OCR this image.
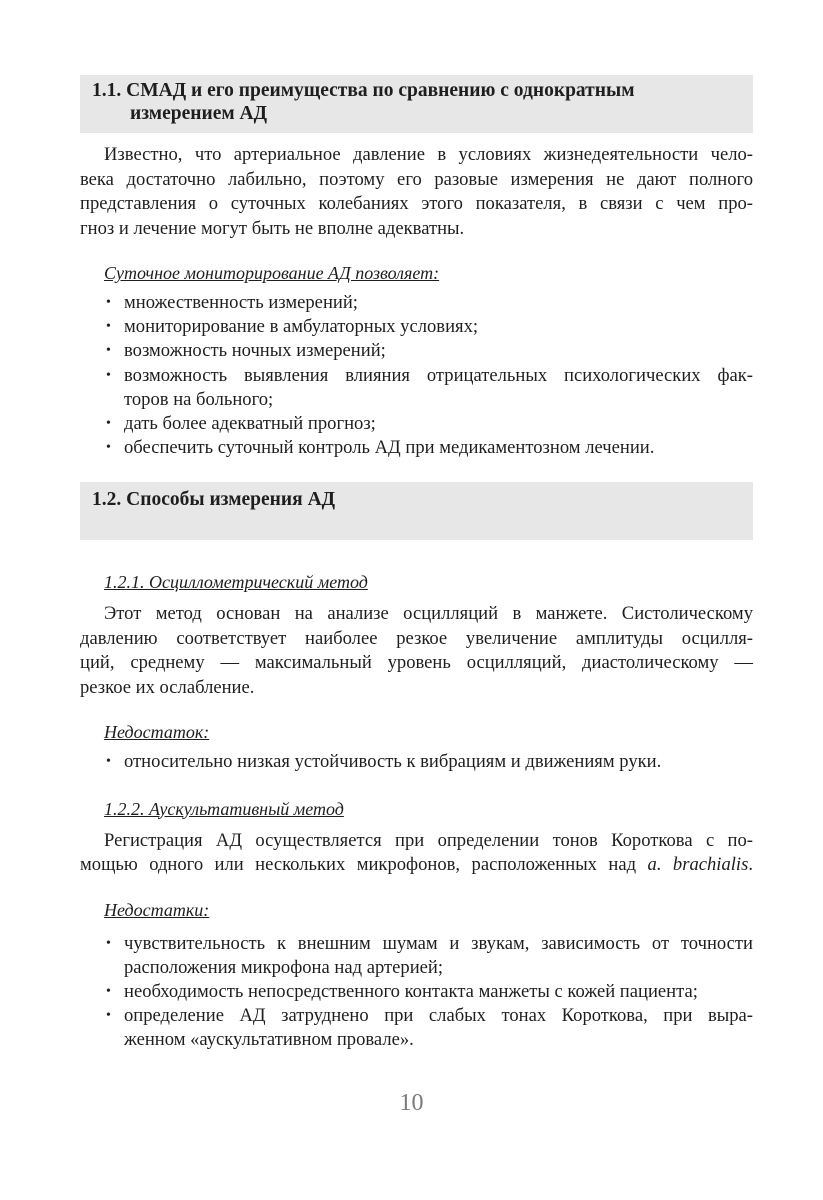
1.1. СМАД и его преимущества по сравнению с однократным
измерением АД

Известно, что артериальное давление в условиях жизнедеятельности чело-
века достаточно лабильно, поэтому его разовые измерения не дают полного
представления о суточных колебаниях этого показателя, в связи с чем про-
гноз и лечение могут быть не вполне адекватны.

Суточное мониторирование АД позволяет:

• множественность измерений;
• мониторирование в амбулаторных условиях;
• возможность ночных измерений;
• возможность выявления влияния отрицательных психологических фак-
торов на больного;
• дать более адекватный прогноз;
• обеспечить суточный контроль АД при медикаментозном лечении.
1.2. Способы измерения АД

1.2.1. Осциллометрический метод

Этот метод основан на анализе осцилляций в манжете. Систолическому
давлению соответствует наиболее резкое увеличение амплитуды осцилля-
ций, среднему — максимальный уровень осцилляций, диастолическому —
резкое их ослабление.

Недостаток:

• относительно низкая устойчивость к вибрациям и движениям руки.

1.2.2. Аускультативный метод

Регистрация АД осуществляется при определении тонов Короткова с по-
мощью одного или нескольких микрофонов, расположенных над a. brachialis.

Недостатки:

• чувствительность к внешним шумам и звукам, зависимость от точности
расположения микрофона над артерией;
• необходимость непосредственного контакта манжеты с кожей пациента;
• определение АД затруднено при слабых тонах Короткова, при выра-
женном «аускультативном провале».
10
